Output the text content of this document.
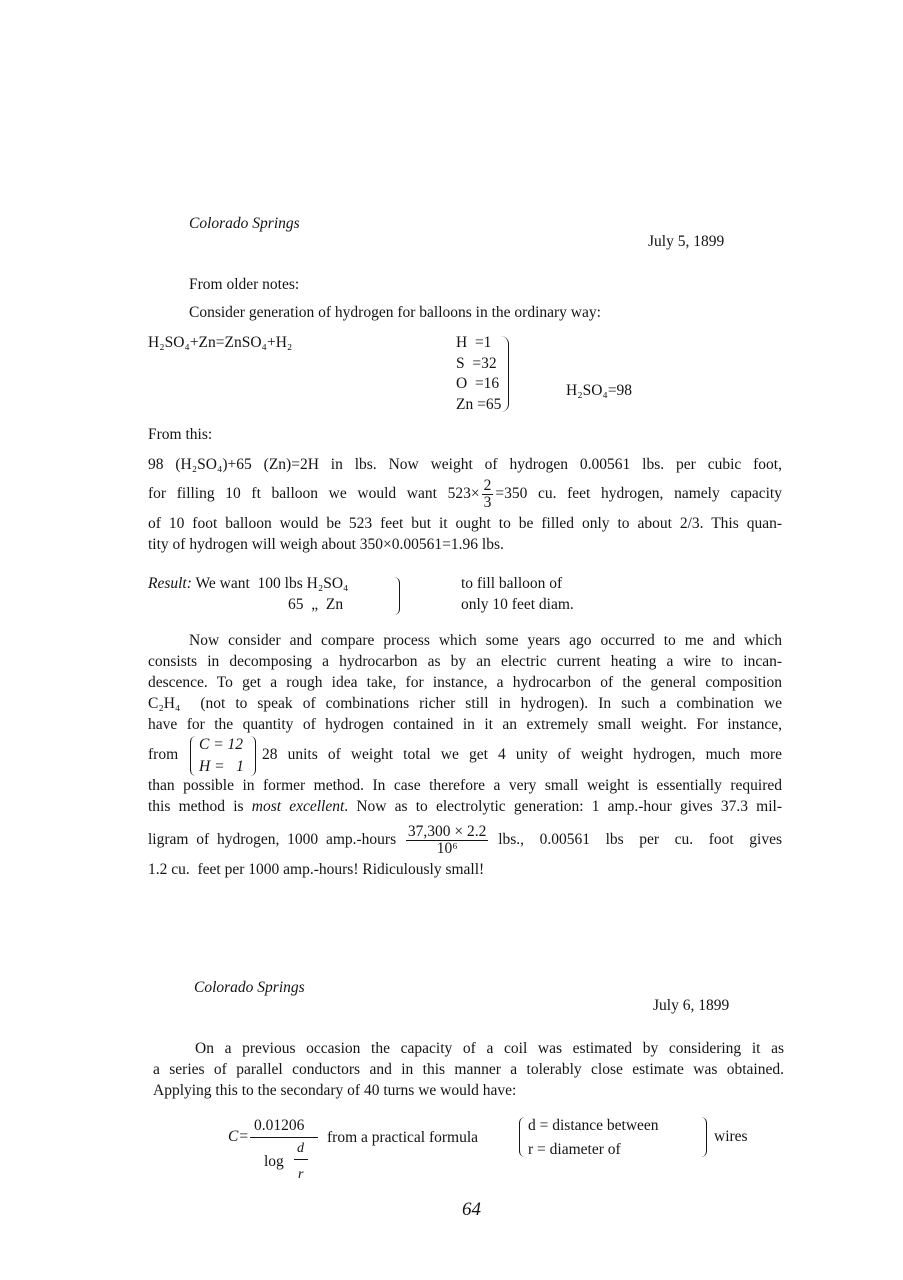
Colorado Springs
July 5, 1899
From older notes:
Consider generation of hydrogen for balloons in the ordinary way:
H₂SO₄+Zn=ZnSO₄+H₂	H  =1
S  =32
O  =16
Zn =65
H₂SO₄=98
From this:
98 (H₂SO₄)+65 (Zn)=2H in lbs. Now weight of hydrogen 0.00561 lbs. per cubic foot,
for filling 10 ft balloon we would want $523\times \frac{2}{3} =350$ cu. feet hydrogen, namely capacity
of 10 foot balloon would be 523 feet but it ought to be filled only to about 2/3. This quan-
tity of hydrogen will weigh about 350×0.00561=1.96 lbs.
Result: We want  100 lbs H₂SO₄
65  „  Zn
to fill balloon of
only 10 feet diam.
Now consider and compare process which some years ago occurred to me and which
consists in decomposing a hydrocarbon as by an electric current heating a wire to incan-
descence. To get a rough idea take, for instance, a hydrocarbon of the general composition
C₂H₄  (not to speak of combinations richer still in hydrogen). In such a combination we
have for the quantity of hydrogen contained in it an extremely small weight. For instance,
from
C = 12
H =   1
28 units of weight total we get 4 unity of weight hydrogen, much more
than possible in former method. In case therefore a very small weight is essentially required
this method is most excellent. Now as to electrolytic generation: 1 amp.-hour gives 37.3 mil-
ligram of hydrogen, 1000 amp.-hours $\frac{37,300 \times 2.2}{\text{10⁶}}$ lbs.,  0.00561  lbs  per  cu.  foot  gives
1.2 cu.  feet per 1000 amp.-hours! Ridiculously small!
Colorado Springs
July 6, 1899
On a previous occasion the capacity of a coil was estimated by considering it as
a series of parallel conductors and in this manner a tolerably close estimate was obtained.
Applying this to the secondary of 40 turns we would have:
C=
0.01206
d
log
r
from a practical formula
d = distance between
r = diameter of
wires
64
